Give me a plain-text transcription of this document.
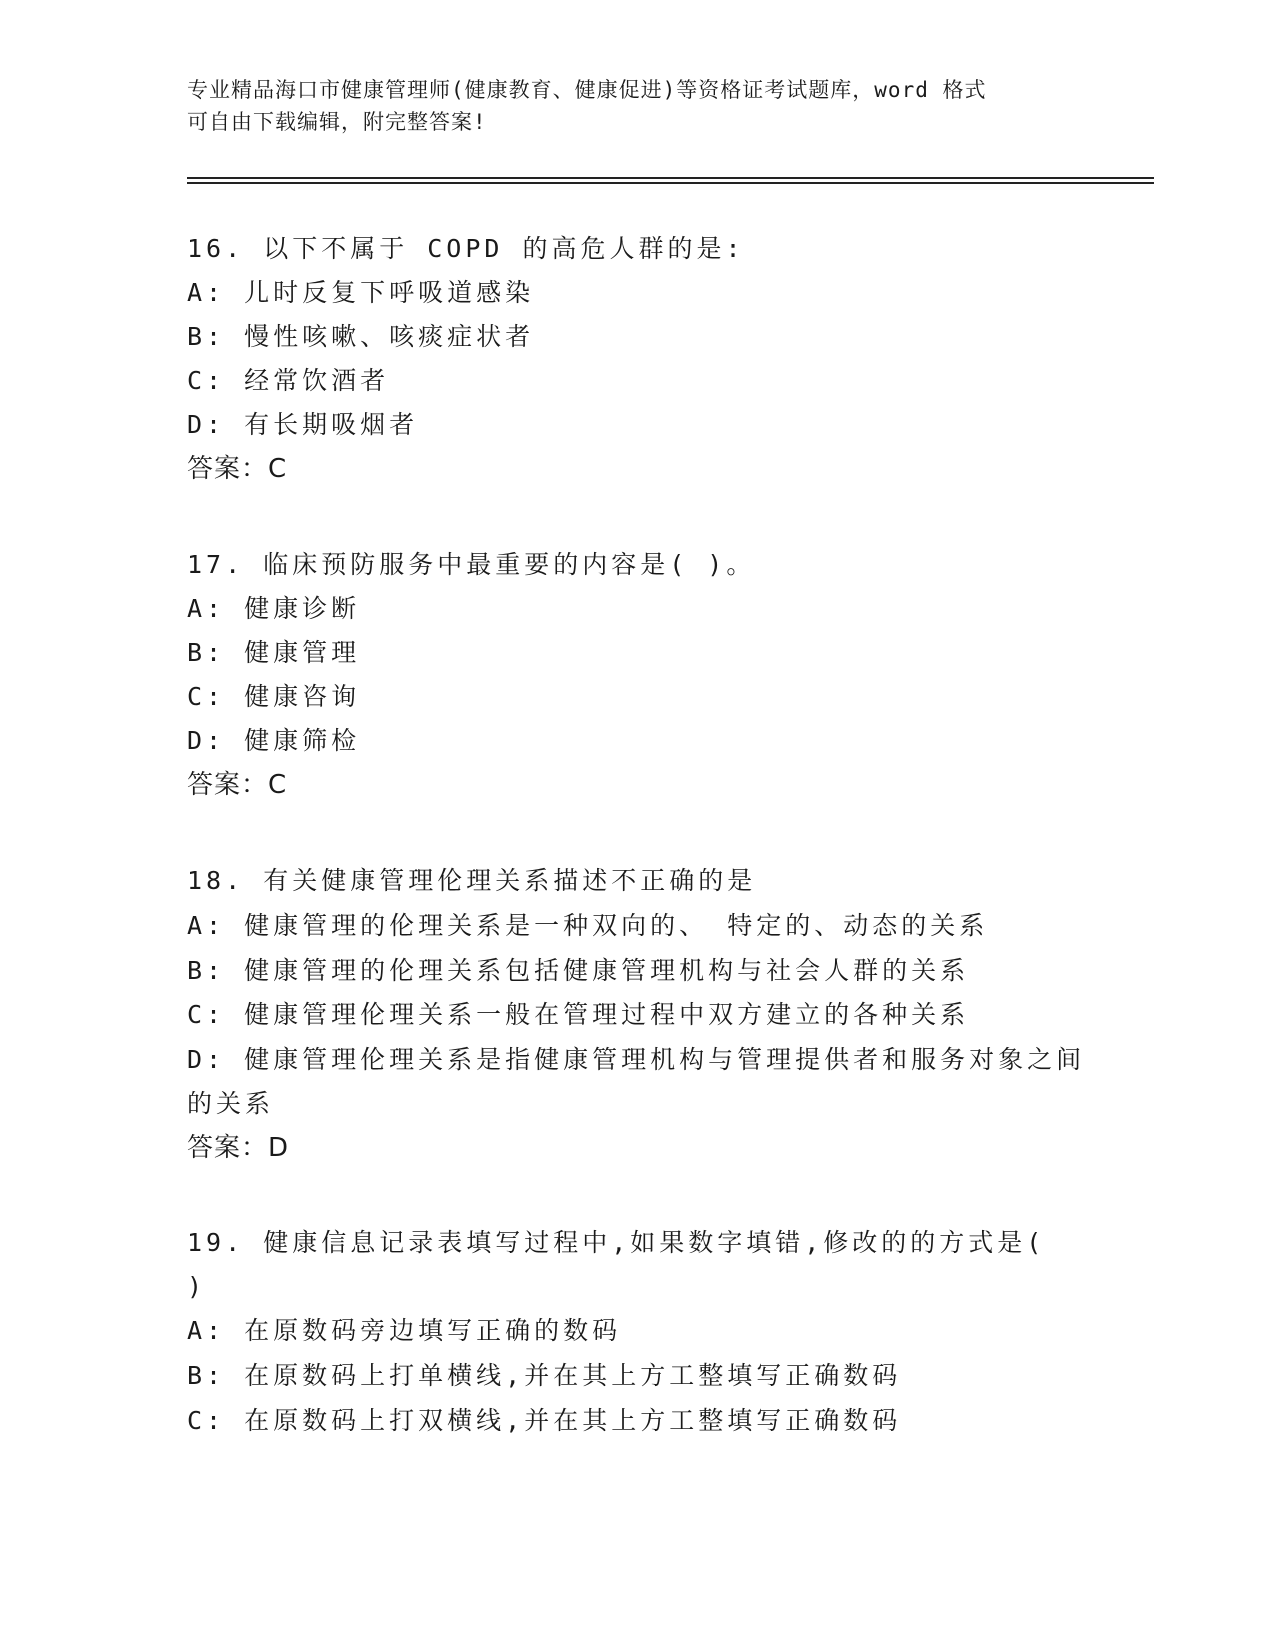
专业精品海口市健康管理师(健康教育、健康促进)等资格证考试题库，word 格式
可自由下载编辑，附完整答案!
16. 以下不属于 COPD 的高危人群的是:
A: 儿时反复下呼吸道感染
B: 慢性咳嗽、咳痰症状者
C: 经常饮酒者
D: 有长期吸烟者
答案：C
17. 临床预防服务中最重要的内容是( )。
A: 健康诊断
B: 健康管理
C: 健康咨询
D: 健康筛检
答案：C
18. 有关健康管理伦理关系描述不正确的是
A: 健康管理的伦理关系是一种双向的、 特定的、动态的关系
B: 健康管理的伦理关系包括健康管理机构与社会人群的关系
C: 健康管理伦理关系一般在管理过程中双方建立的各种关系
D: 健康管理伦理关系是指健康管理机构与管理提供者和服务对象之间
的关系
答案：D
19. 健康信息记录表填写过程中,如果数字填错,修改的的方式是(
)
A: 在原数码旁边填写正确的数码
B: 在原数码上打单横线,并在其上方工整填写正确数码
C: 在原数码上打双横线,并在其上方工整填写正确数码
